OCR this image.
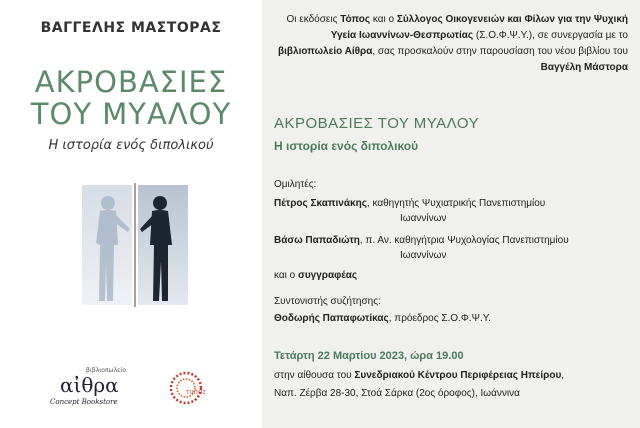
ΒΑΓΓΕΛΗΣ ΜΑΣΤΟΡΑΣ
ΑΚΡΟΒΑΣΙΕΣ
ΤΟΥ ΜΥΑΛΟΥ
Η ιστορία ενός διπολικού
βιβλιοπωλείο
αἰθρα
Concept Bookstore
ΤΟΠΟΣ
Οι εκδόσεις Τόπος και ο Σύλλογος Οικογενειών και Φίλων για την Ψυχική Υγεία Ιωαννίνων-Θεσπρωτίας (Σ.Ο.Φ.Ψ.Υ.), σε συνεργασία με το βιβλιοπωλείο Αίθρα, σας προσκαλούν στην παρουσίαση του νέου βιβλίου του Βαγγέλη Μάστορα
ΑΚΡΟΒΑΣΙΕΣ ΤΟΥ ΜΥΑΛΟΥ
Η ιστορία ενός διπολικού
Ομιλητές:
Πέτρος Σκαπινάκης, καθηγητής Ψυχιατρικής Πανεπιστημίου
Ιωαννίνων
Βάσω Παπαδιώτη, π. Αν. καθηγήτρια Ψυχολογίας Πανεπιστημίου
Ιωαννίνων
και ο συγγραφέας
Συντονιστής συζήτησης:
Θοδωρής Παπαφωτίκας, πρόεδρος Σ.Ο.Φ.Ψ.Υ.
Τετάρτη 22 Μαρτίου 2023, ώρα 19.00
στην αίθουσα του Συνεδριακού Κέντρου Περιφέρειας Ηπείρου,
Ναπ. Ζέρβα 28-30, Στοά Σάρκα (2ος όροφος), Ιωάννινα
